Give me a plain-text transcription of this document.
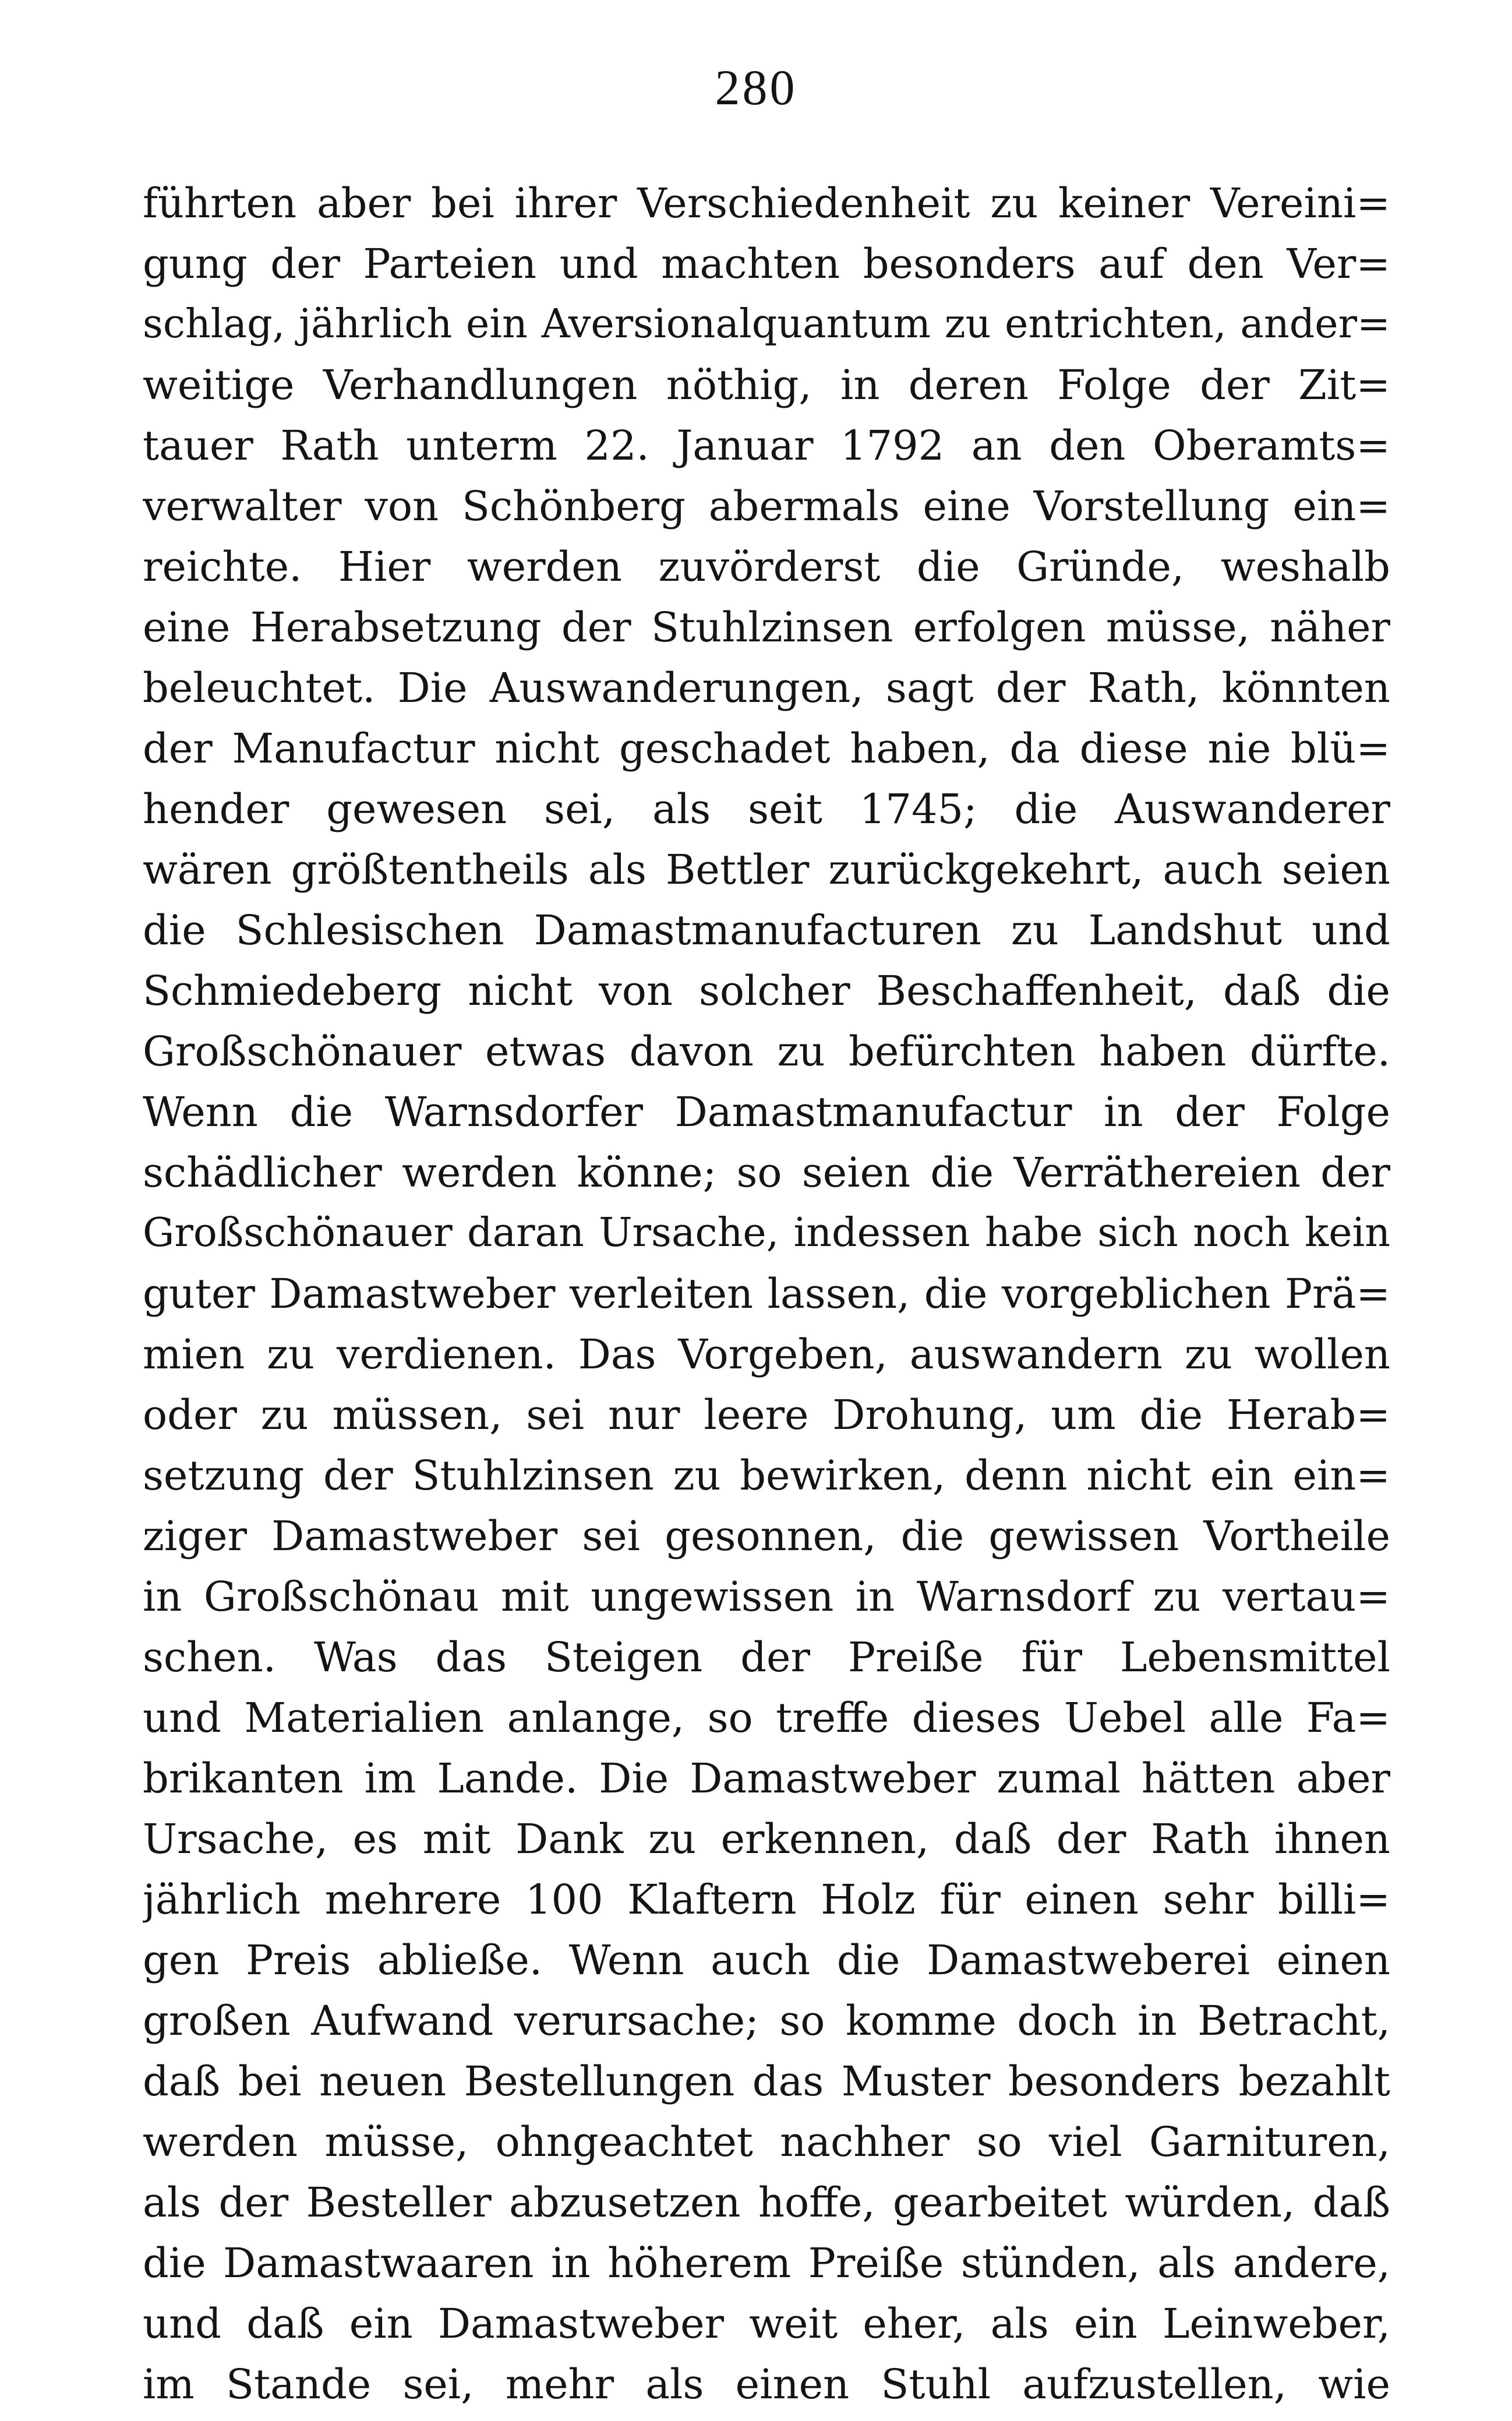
280
führten aber bei ihrer Verschiedenheit zu keiner Vereini=
gung der Parteien und machten besonders auf den Ver=
schlag, jährlich ein Aversionalquantum zu entrichten, ander=
weitige Verhandlungen nöthig, in deren Folge der Zit=
tauer Rath unterm 22. Januar 1792 an den Oberamts=
verwalter von Schönberg abermals eine Vorstellung ein=
reichte. Hier werden zuvörderst die Gründe, weshalb
eine Herabsetzung der Stuhlzinsen erfolgen müsse, näher
beleuchtet. Die Auswanderungen, sagt der Rath, könnten
der Manufactur nicht geschadet haben, da diese nie blü=
hender gewesen sei, als seit 1745; die Auswanderer
wären größtentheils als Bettler zurückgekehrt, auch seien
die Schlesischen Damastmanufacturen zu Landshut und
Schmiedeberg nicht von solcher Beschaffenheit, daß die
Großschönauer etwas davon zu befürchten haben dürfte.
Wenn die Warnsdorfer Damastmanufactur in der Folge
schädlicher werden könne; so seien die Verräthereien der
Großschönauer daran Ursache, indessen habe sich noch kein
guter Damastweber verleiten lassen, die vorgeblichen Prä=
mien zu verdienen. Das Vorgeben, auswandern zu wollen
oder zu müssen, sei nur leere Drohung, um die Herab=
setzung der Stuhlzinsen zu bewirken, denn nicht ein ein=
ziger Damastweber sei gesonnen, die gewissen Vortheile
in Großschönau mit ungewissen in Warnsdorf zu vertau=
schen. Was das Steigen der Preiße für Lebensmittel
und Materialien anlange, so treffe dieses Uebel alle Fa=
brikanten im Lande. Die Damastweber zumal hätten aber
Ursache, es mit Dank zu erkennen, daß der Rath ihnen
jährlich mehrere 100 Klaftern Holz für einen sehr billi=
gen Preis abließe. Wenn auch die Damastweberei einen
großen Aufwand verursache; so komme doch in Betracht,
daß bei neuen Bestellungen das Muster besonders bezahlt
werden müsse, ohngeachtet nachher so viel Garnituren,
als der Besteller abzusetzen hoffe, gearbeitet würden, daß
die Damastwaaren in höherem Preiße stünden, als andere,
und daß ein Damastweber weit eher, als ein Leinweber,
im Stande sei, mehr als einen Stuhl aufzustellen, wie
